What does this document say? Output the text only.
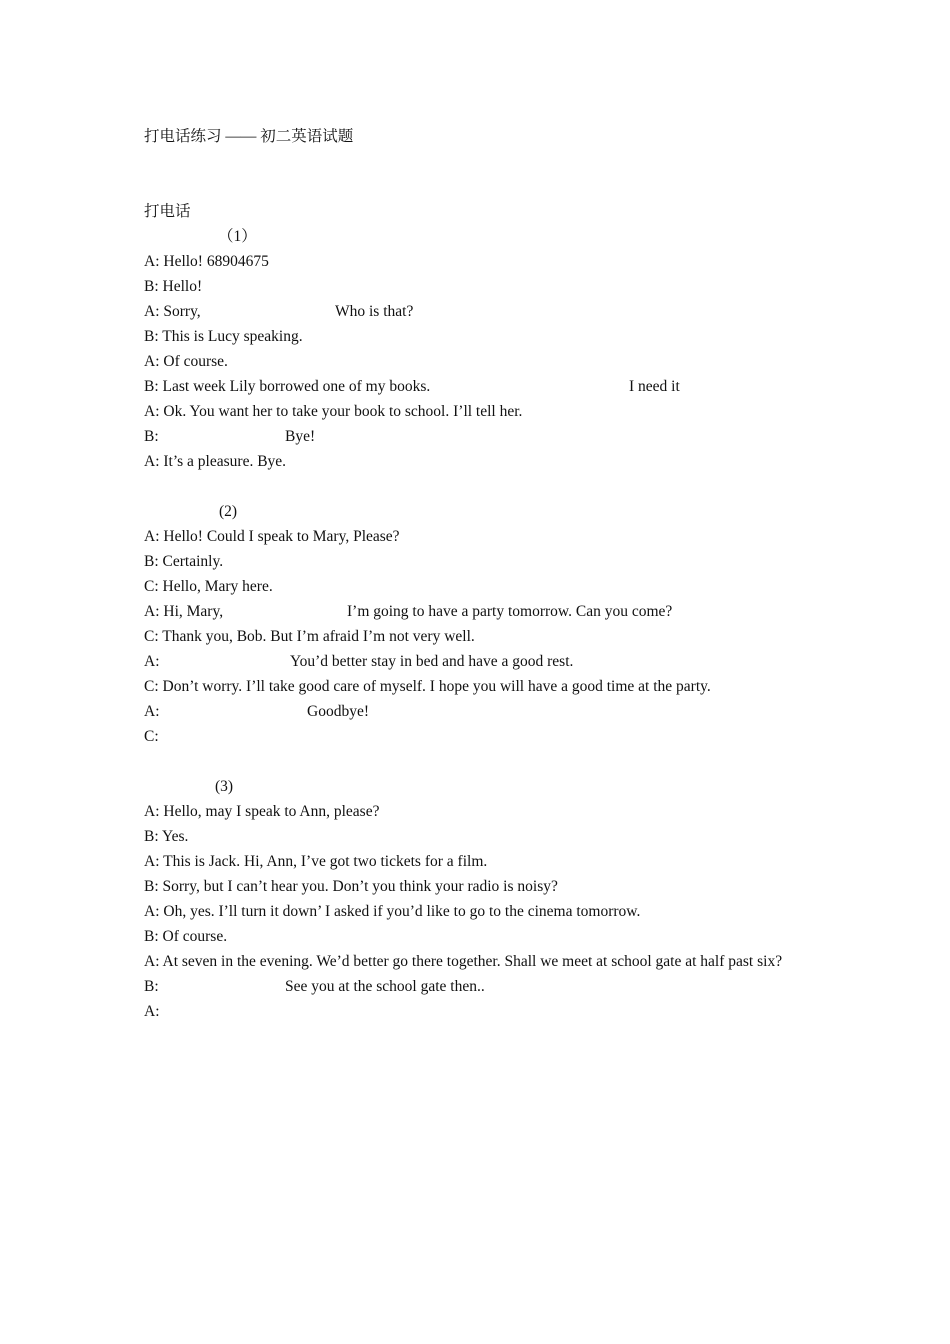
打电话练习 —— 初二英语试题
打电话
（1）
A: Hello! 68904675
B: Hello!
A: Sorry,	Who is that?
B: This is Lucy speaking.
A: Of course.
B: Last week Lily borrowed one of my books.	I need it
A: Ok. You want her to take your book to school. I’ll tell her.
B:	Bye!
A: It’s a pleasure. Bye.
(2)
A: Hello! Could I speak to Mary, Please?
B: Certainly.
C: Hello, Mary here.
A: Hi, Mary,	I’m going to have a party tomorrow. Can you come?
C: Thank you, Bob. But I’m afraid I’m not very well.
A:	You’d better stay in bed and have a good rest.
C: Don’t worry. I’ll take good care of myself. I hope you will have a good time at the party.
A:	Goodbye!
C:
(3)
A: Hello, may I speak to Ann, please?
B: Yes.
A: This is Jack. Hi, Ann, I’ve got two tickets for a film.
B: Sorry, but I can’t hear you. Don’t you think your radio is noisy?
A: Oh, yes. I’ll turn it down’ I asked if you’d like to go to the cinema tomorrow.
B: Of course.
A: At seven in the evening. We’d better go there together. Shall we meet at school gate at half past six?
B:	See you at the school gate then..
A:
